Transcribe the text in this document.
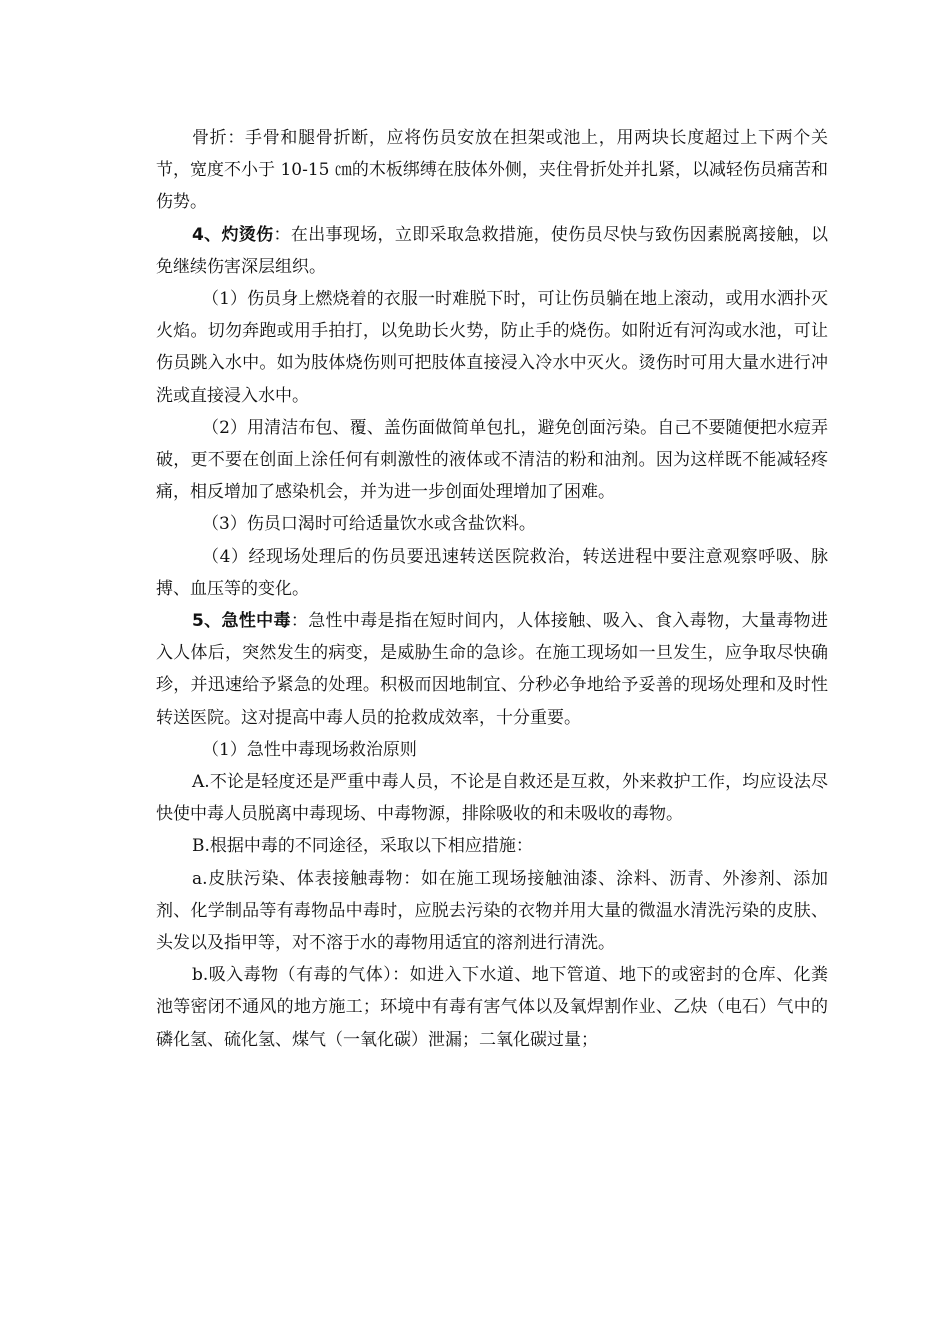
骨折：手骨和腿骨折断，应将伤员安放在担架或池上，用两块长度超过上下两个关节，宽度不小于 10-15 ㎝的木板绑缚在肢体外侧，夹住骨折处并扎紧，以减轻伤员痛苦和伤势。

4、灼烫伤：在出事现场，立即采取急救措施，使伤员尽快与致伤因素脱离接触，以免继续伤害深层组织。

（1）伤员身上燃烧着的衣服一时难脱下时，可让伤员躺在地上滚动，或用水洒扑灭火焰。切勿奔跑或用手拍打，以免助长火势，防止手的烧伤。如附近有河沟或水池，可让伤员跳入水中。如为肢体烧伤则可把肢体直接浸入冷水中灭火。烫伤时可用大量水进行冲洗或直接浸入水中。

（2）用清洁布包、覆、盖伤面做简单包扎，避免创面污染。自己不要随便把水痘弄破，更不要在创面上涂任何有刺激性的液体或不清洁的粉和油剂。因为这样既不能减轻疼痛，相反增加了感染机会，并为进一步创面处理增加了困难。

（3）伤员口渴时可给适量饮水或含盐饮料。

（4）经现场处理后的伤员要迅速转送医院救治，转送进程中要注意观察呼吸、脉搏、血压等的变化。

5、急性中毒：急性中毒是指在短时间内，人体接触、吸入、食入毒物，大量毒物进入人体后，突然发生的病变，是威胁生命的急诊。在施工现场如一旦发生，应争取尽快确珍，并迅速给予紧急的处理。积极而因地制宜、分秒必争地给予妥善的现场处理和及时性转送医院。这对提高中毒人员的抢救成效率，十分重要。

（1）急性中毒现场救治原则

A.不论是轻度还是严重中毒人员，不论是自救还是互救，外来救护工作，均应设法尽快使中毒人员脱离中毒现场、中毒物源，排除吸收的和未吸收的毒物。

B.根据中毒的不同途径，采取以下相应措施：

a.皮肤污染、体表接触毒物：如在施工现场接触油漆、涂料、沥青、外渗剂、添加剂、化学制品等有毒物品中毒时，应脱去污染的衣物并用大量的微温水清洗污染的皮肤、头发以及指甲等，对不溶于水的毒物用适宜的溶剂进行清洗。

b.吸入毒物（有毒的气体）：如进入下水道、地下管道、地下的或密封的仓库、化粪池等密闭不通风的地方施工；环境中有毒有害气体以及氧焊割作业、乙炔（电石）气中的磷化氢、硫化氢、煤气（一氧化碳）泄漏；二氧化碳过量；
